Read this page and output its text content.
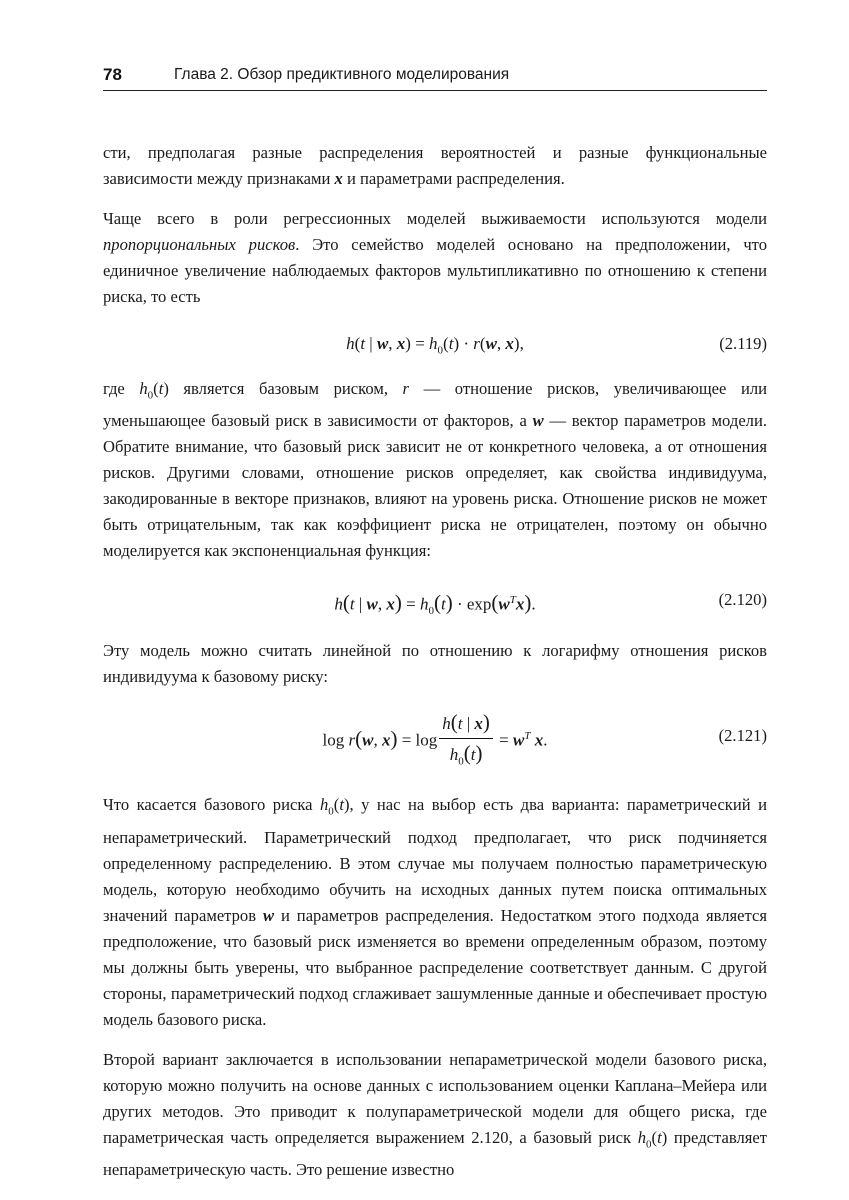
78	Глава 2. Обзор предиктивного моделирования

сти, предполагая разные распределения вероятностей и разные функциональные зависимости между признаками x и параметрами распределения.

Чаще всего в роли регрессионных моделей выживаемости используются модели пропорциональных рисков. Это семейство моделей основано на предположении, что единичное увеличение наблюдаемых факторов мультипликативно по отношению к степени риска, то есть

h(t | w, $x) = h_0(t) \cdot r(w$, x),	(2.119)

где $h_0(t)$ является базовым риском, r — отношение рисков, увеличивающее или уменьшающее базовый риск в зависимости от факторов, а w — вектор параметров модели. Обратите внимание, что базовый риск зависит не от конкретного человека, а от отношения рисков. Другими словами, отношение рисков определяет, как свойства индивидуума, закодированные в векторе признаков, влияют на уровень риска. Отношение рисков не может быть отрицательным, так как коэффициент риска не отрицателен, поэтому он обычно моделируется как экспоненциальная функция:

h(t | w, $x) = h_0(t) \cdot \exp(w^Tx)$.	(2.120)

Эту модель можно считать линейной по отношению к логарифму отношения рисков индивидуума к базовому риску:

log r(w, $x) = \log \frac{h(t | x)}{h_0(t)} = w^T$ x.	(2.121)

Что касается базового риска $h_0(t)$, у нас на выбор есть два варианта: параметрический и непараметрический. Параметрический подход предполагает, что риск подчиняется определенному распределению. В этом случае мы получаем полностью параметрическую модель, которую необходимо обучить на исходных данных путем поиска оптимальных значений параметров w и параметров распределения. Недостатком этого подхода является предположение, что базовый риск изменяется во времени определенным образом, поэтому мы должны быть уверены, что выбранное распределение соответствует данным. С другой стороны, параметрический подход сглаживает зашумленные данные и обеспечивает простую модель базового риска.

Второй вариант заключается в использовании непараметрической модели базового риска, которую можно получить на основе данных с использованием оценки Каплана–Мейера или других методов. Это приводит к полупараметрической модели для общего риска, где параметрическая часть определяется выражением 2.120, а базовый риск $h_0(t)$ представляет непараметрическую часть. Это решение известно
